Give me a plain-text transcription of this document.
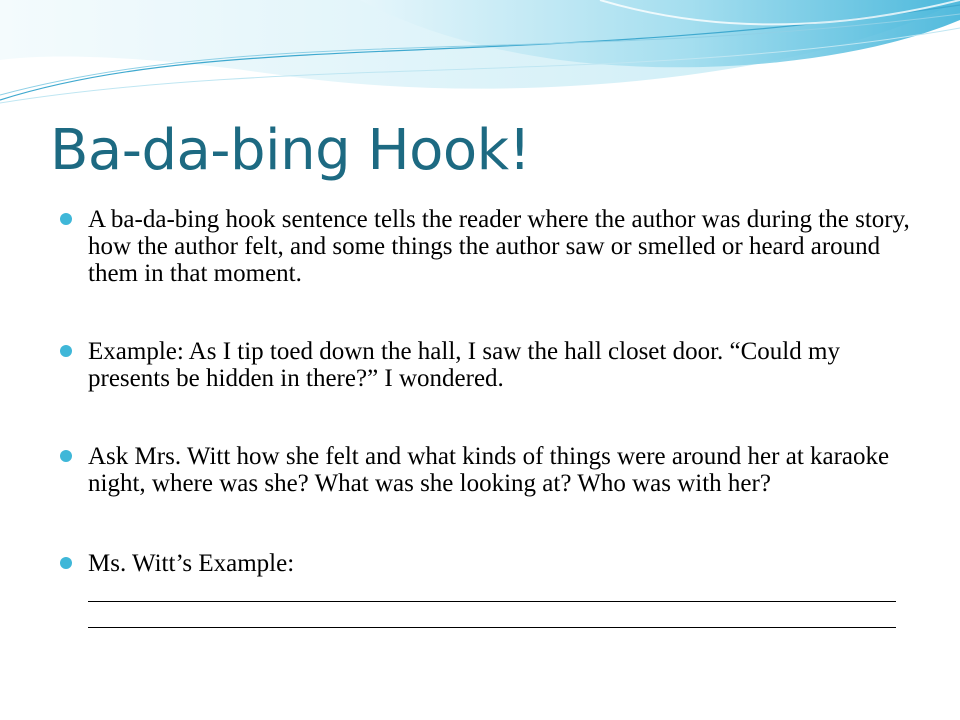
Ba-da-bing Hook!
A ba-da-bing hook sentence tells the reader where the author was during the story, how the author felt, and some things the author saw or smelled or heard around them in that moment.
Example: As I tip toed down the hall, I saw the hall closet door. “Could my presents be hidden in there?” I wondered.
Ask Mrs. Witt how she felt and what kinds of things were around her at karaoke night, where was she? What was she looking at? Who was with her?
Ms. Witt’s Example:
